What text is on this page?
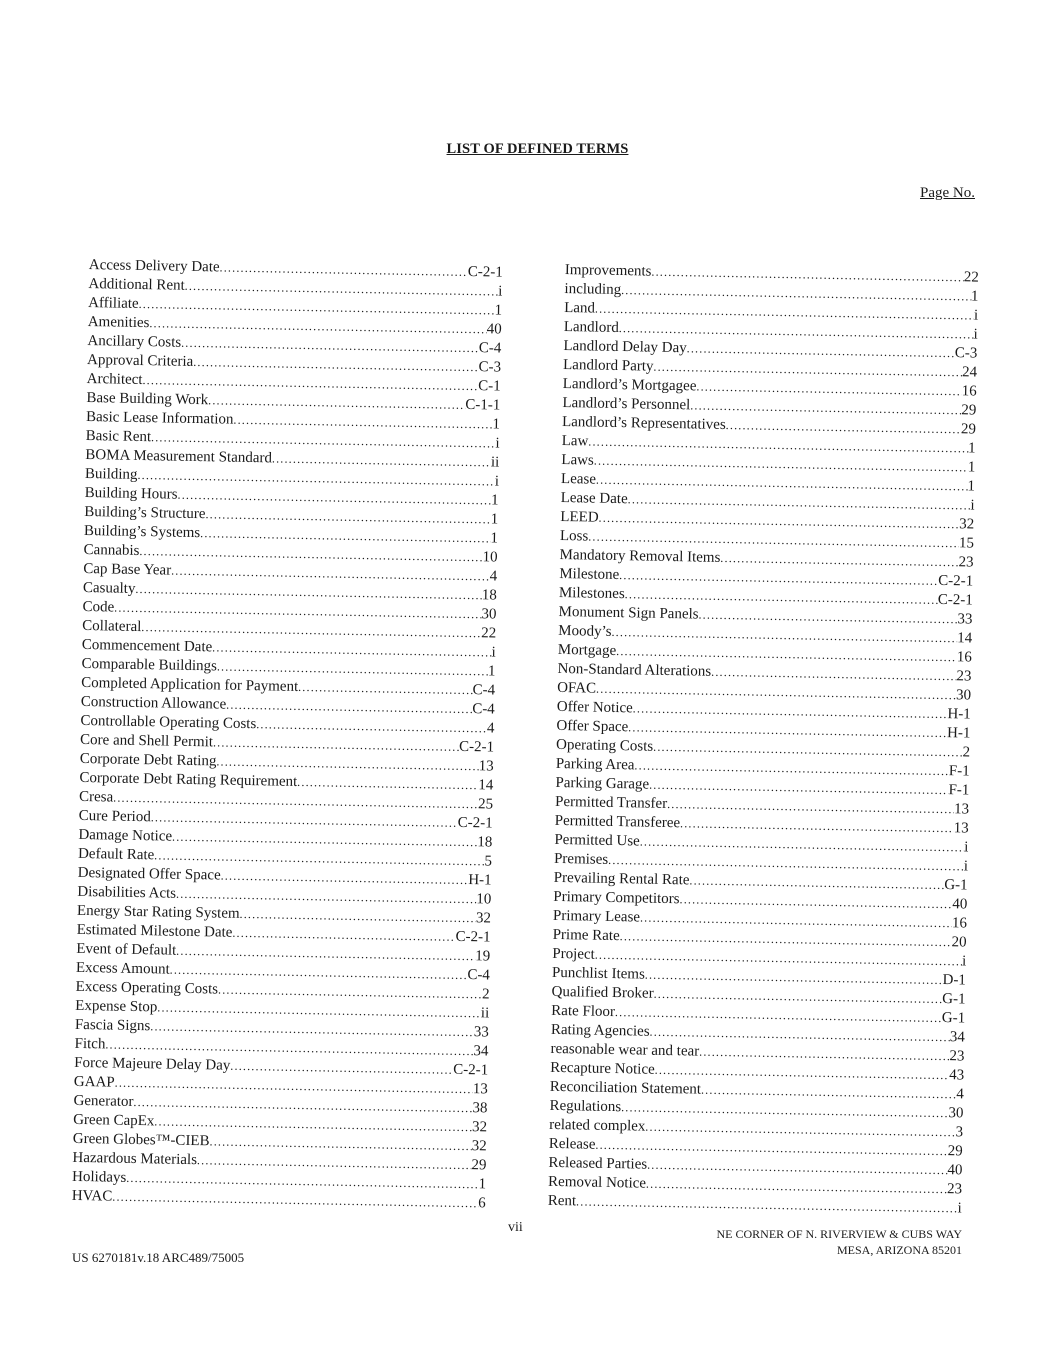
LIST OF DEFINED TERMS
Page No.
Access Delivery Date .....	C-2-1
Additional Rent .....	i
Affiliate .....	1
Amenities .....	40
Ancillary Costs .....	C-4
Approval Criteria .....	C-3
Architect .....	C-1
Base Building Work .....	C-1-1
Basic Lease Information .....	1
Basic Rent .....	i
BOMA Measurement Standard .....	ii
Building .....	i
Building Hours .....	1
Building’s Structure .....	1
Building’s Systems .....	1
Cannabis .....	10
Cap Base Year .....	4
Casualty .....	18
Code .....	30
Collateral .....	22
Commencement Date .....	i
Comparable Buildings .....	1
Completed Application for Payment .....	C-4
Construction Allowance .....	C-4
Controllable Operating Costs .....	4
Core and Shell Permit .....	C-2-1
Corporate Debt Rating .....	13
Corporate Debt Rating Requirement .....	14
Cresa .....	25
Cure Period .....	C-2-1
Damage Notice .....	18
Default Rate .....	5
Designated Offer Space .....	H-1
Disabilities Acts .....	10
Energy Star Rating System .....	32
Estimated Milestone Date .....	C-2-1
Event of Default .....	19
Excess Amount .....	C-4
Excess Operating Costs .....	2
Expense Stop .....	ii
Fascia Signs .....	33
Fitch .....	34
Force Majeure Delay Day .....	C-2-1
GAAP .....	13
Generator .....	38
Green CapEx .....	32
Green Globes™-CIEB .....	32
Hazardous Materials .....	29
Holidays .....	1
HVAC .....	6
Improvements .....	22
including .....	1
Land .....	i
Landlord .....	i
Landlord Delay Day .....	C-3
Landlord Party .....	24
Landlord’s Mortgagee .....	16
Landlord’s Personnel .....	29
Landlord’s Representatives .....	29
Law .....	1
Laws .....	1
Lease .....	1
Lease Date .....	i
LEED .....	32
Loss .....	15
Mandatory Removal Items .....	23
Milestone .....	C-2-1
Milestones .....	C-2-1
Monument Sign Panels .....	33
Moody’s .....	14
Mortgage .....	16
Non-Standard Alterations .....	23
OFAC .....	30
Offer Notice .....	H-1
Offer Space .....	H-1
Operating Costs .....	2
Parking Area .....	F-1
Parking Garage .....	F-1
Permitted Transfer .....	13
Permitted Transferee .....	13
Permitted Use .....	i
Premises .....	i
Prevailing Rental Rate .....	G-1
Primary Competitors .....	40
Primary Lease .....	16
Prime Rate .....	20
Project .....	i
Punchlist Items .....	D-1
Qualified Broker .....	G-1
Rate Floor .....	G-1
Rating Agencies .....	34
reasonable wear and tear .....	23
Recapture Notice .....	43
Reconciliation Statement .....	4
Regulations .....	30
related complex .....	3
Release .....	29
Released Parties .....	40
Removal Notice .....	23
Rent .....	i
vii	NE CORNER OF N. RIVERVIEW & CUBS WAY
MESA, ARIZONA 85201
US 6270181v.18 ARC489/75005
